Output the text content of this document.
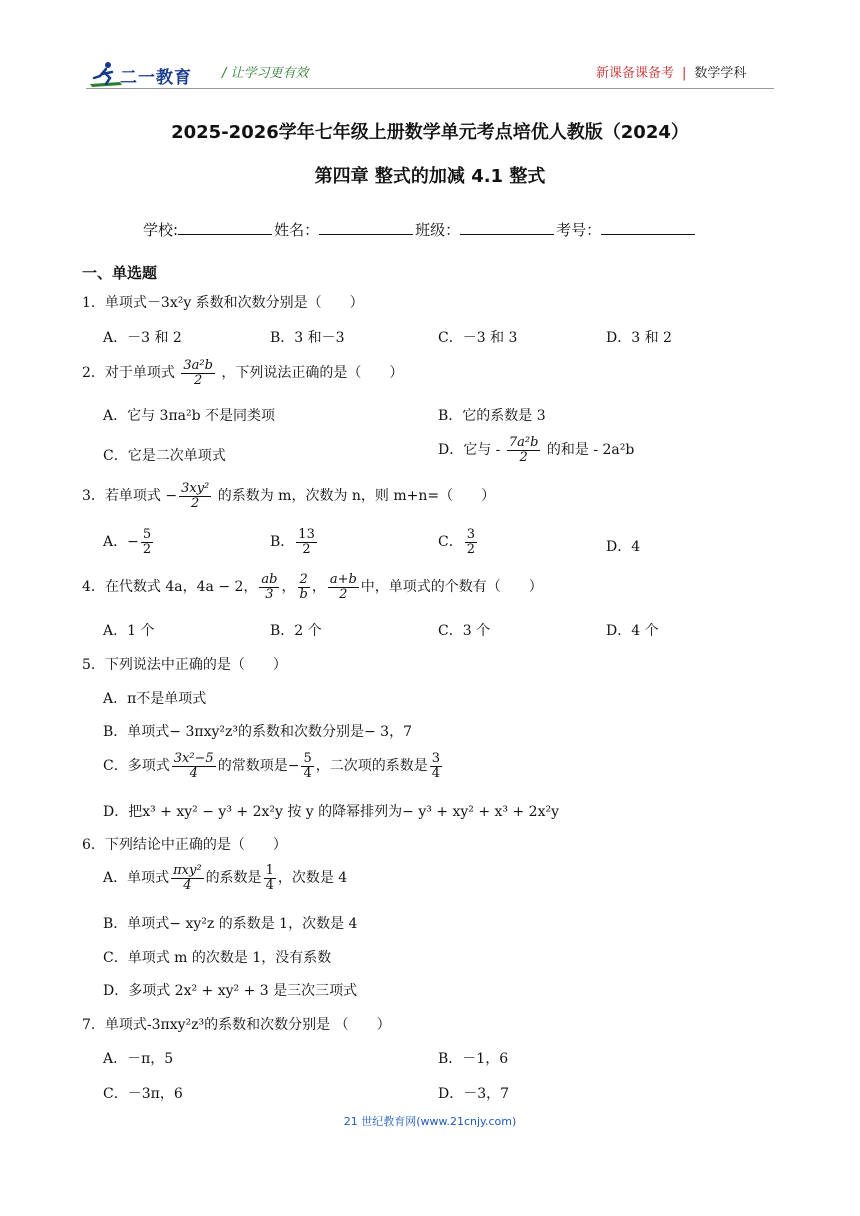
二一教育 / 让学习更有效	新课备课备考 | 数学学科
2025-2026学年七年级上册数学单元考点培优人教版（2024）
第四章 整式的加减 4.1 整式
学校:	姓名：	班级：	考号：
一、单选题
1．单项式－3x²y 系数和次数分别是（　　）
A．－3 和 2	B．3 和－3	C．－3 和 3	D．3 和 2
2．对于单项式 $\frac{\text{3a²b}}{2}$ ，下列说法正确的是（　　）
A．它与 3πa²b 不是同类项	B．它的系数是 3
C．它是二次单项式	D．它与 - $\frac{\text{7a²b}}{2}$ 的和是 - 2a²b
3．若单项式 − $\frac{\text{3xy²}}{2}$ 的系数为 m，次数为 n，则 m+n=（　　）
A．− $\frac{5}{2}$	B． $\frac{13}{2}$	C． $\frac{3}{2}$	D．4
4．在代数式 4a，4a − 2， $\frac{ab}{3}$ ， $\frac{2}{b}$ ， $\frac{a+b}{2}$ 中，单项式的个数有（　　）
A．1 个	B．2 个	C．3 个	D．4 个
5．下列说法中正确的是（　　）
A．π不是单项式
B．单项式− 3πxy²z³的系数和次数分别是− 3，7
C．多项式 $\frac{\text{3x²−5}}{4}$ 的常数项是− $\frac{5}{4}$ ，二次项的系数是 $\frac{3}{4}$
D．把x³ + xy² − y³ + 2x²y 按 y 的降幂排列为− y³ + xy² + x³ + 2x²y
6．下列结论中正确的是（　　）
A．单项式 $\frac{\text{πxy²}}{4}$ 的系数是 $\frac{1}{4}$ ，次数是 4
B．单项式− xy²z 的系数是 1，次数是 4
C．单项式 m 的次数是 1，没有系数
D．多项式 2x² + xy² + 3 是三次三项式
7．单项式-3πxy²z³的系数和次数分别是 （　　）
A．－π，5	B．－1，6
C．－3π，6	D．－3，7
21 世纪教育网(www.21cnjy.com)
